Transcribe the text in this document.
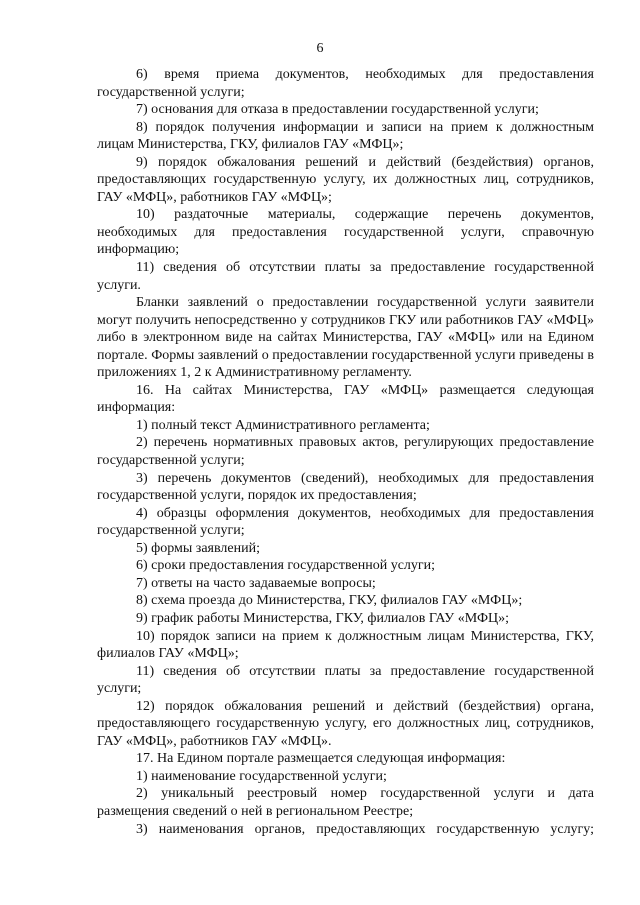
6

6) время приема документов, необходимых для предоставления государственной услуги;

7) основания для отказа в предоставлении государственной услуги;

8) порядок получения информации и записи на прием к должностным лицам Министерства, ГКУ, филиалов ГАУ «МФЦ»;

9) порядок обжалования решений и действий (бездействия) органов, предоставляющих государственную услугу, их должностных лиц, сотрудников, ГАУ «МФЦ», работников ГАУ «МФЦ»;

10) раздаточные материалы, содержащие перечень документов, необходимых для предоставления государственной услуги, справочную информацию;

11) сведения об отсутствии платы за предоставление государственной услуги.

Бланки заявлений о предоставлении государственной услуги заявители могут получить непосредственно у сотрудников ГКУ или работников ГАУ «МФЦ» либо в электронном виде на сайтах Министерства, ГАУ «МФЦ» или на Едином портале. Формы заявлений о предоставлении государственной услуги приведены в приложениях 1, 2 к Административному регламенту.

16. На сайтах Министерства, ГАУ «МФЦ» размещается следующая информация:

1) полный текст Административного регламента;

2) перечень нормативных правовых актов, регулирующих предоставление государственной услуги;

3) перечень документов (сведений), необходимых для предоставления государственной услуги, порядок их предоставления;

4) образцы оформления документов, необходимых для предоставления государственной услуги;

5) формы заявлений;

6) сроки предоставления государственной услуги;

7) ответы на часто задаваемые вопросы;

8) схема проезда до Министерства, ГКУ, филиалов ГАУ «МФЦ»;

9) график работы Министерства, ГКУ, филиалов ГАУ «МФЦ»;

10) порядок записи на прием к должностным лицам Министерства, ГКУ, филиалов ГАУ «МФЦ»;

11) сведения об отсутствии платы за предоставление государственной услуги;

12) порядок обжалования решений и действий (бездействия) органа, предоставляющего государственную услугу, его должностных лиц, сотрудников, ГАУ «МФЦ», работников ГАУ «МФЦ».

17. На Едином портале размещается следующая информация:

1) наименование государственной услуги;

2) уникальный реестровый номер государственной услуги и дата размещения сведений о ней в региональном Реестре;

3) наименования органов, предоставляющих государственную услугу;
